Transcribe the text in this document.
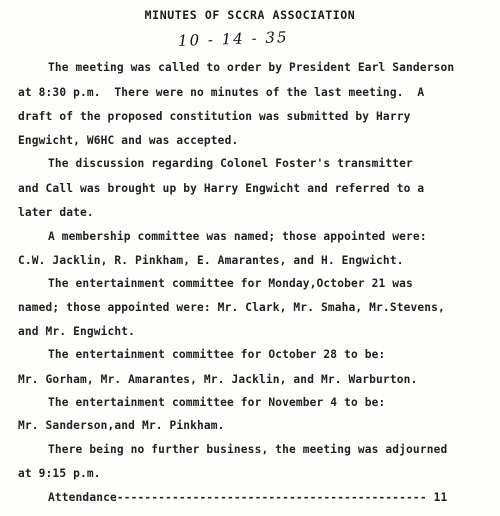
MINUTES OF SCCRA ASSOCIATION
10 - 14 - 35
The meeting was called to order by President Earl Sanderson
at 8:30 p.m.  There were no minutes of the last meeting.  A
draft of the proposed constitution was submitted by Harry
Engwicht, W6HC and was accepted.
The discussion regarding Colonel Foster's transmitter
and Call was brought up by Harry Engwicht and referred to a
later date.
A membership committee was named; those appointed were:
C.W. Jacklin, R. Pinkham, E. Amarantes, and H. Engwicht.
The entertainment committee for Monday,October 21 was
named; those appointed were: Mr. Clark, Mr. Smaha, Mr.Stevens,
and Mr. Engwicht.
The entertainment committee for October 28 to be:
Mr. Gorham, Mr. Amarantes, Mr. Jacklin, and Mr. Warburton.
The entertainment committee for November 4 to be:
Mr. Sanderson,and Mr. Pinkham.
There being no further business, the meeting was adjourned
at 9:15 p.m.
Attendance--------------------------------------------- 11
